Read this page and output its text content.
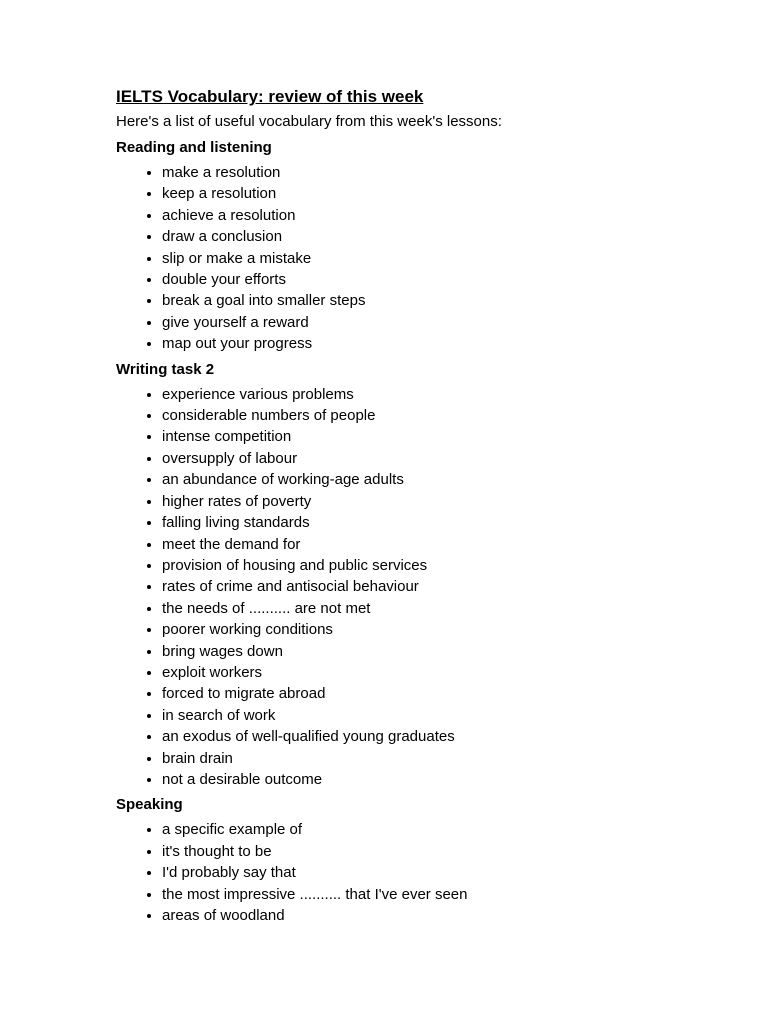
IELTS Vocabulary: review of this week

Here's a list of useful vocabulary from this week's lessons:

Reading and listening
make a resolution
keep a resolution
achieve a resolution
draw a conclusion
slip or make a mistake
double your efforts
break a goal into smaller steps
give yourself a reward
map out your progress
Writing task 2
experience various problems
considerable numbers of people
intense competition
oversupply of labour
an abundance of working-age adults
higher rates of poverty
falling living standards
meet the demand for
provision of housing and public services
rates of crime and antisocial behaviour
the needs of .......... are not met
poorer working conditions
bring wages down
exploit workers
forced to migrate abroad
in search of work
an exodus of well-qualified young graduates
brain drain
not a desirable outcome
Speaking
a specific example of
it's thought to be
I'd probably say that
the most impressive .......... that I've ever seen
areas of woodland
